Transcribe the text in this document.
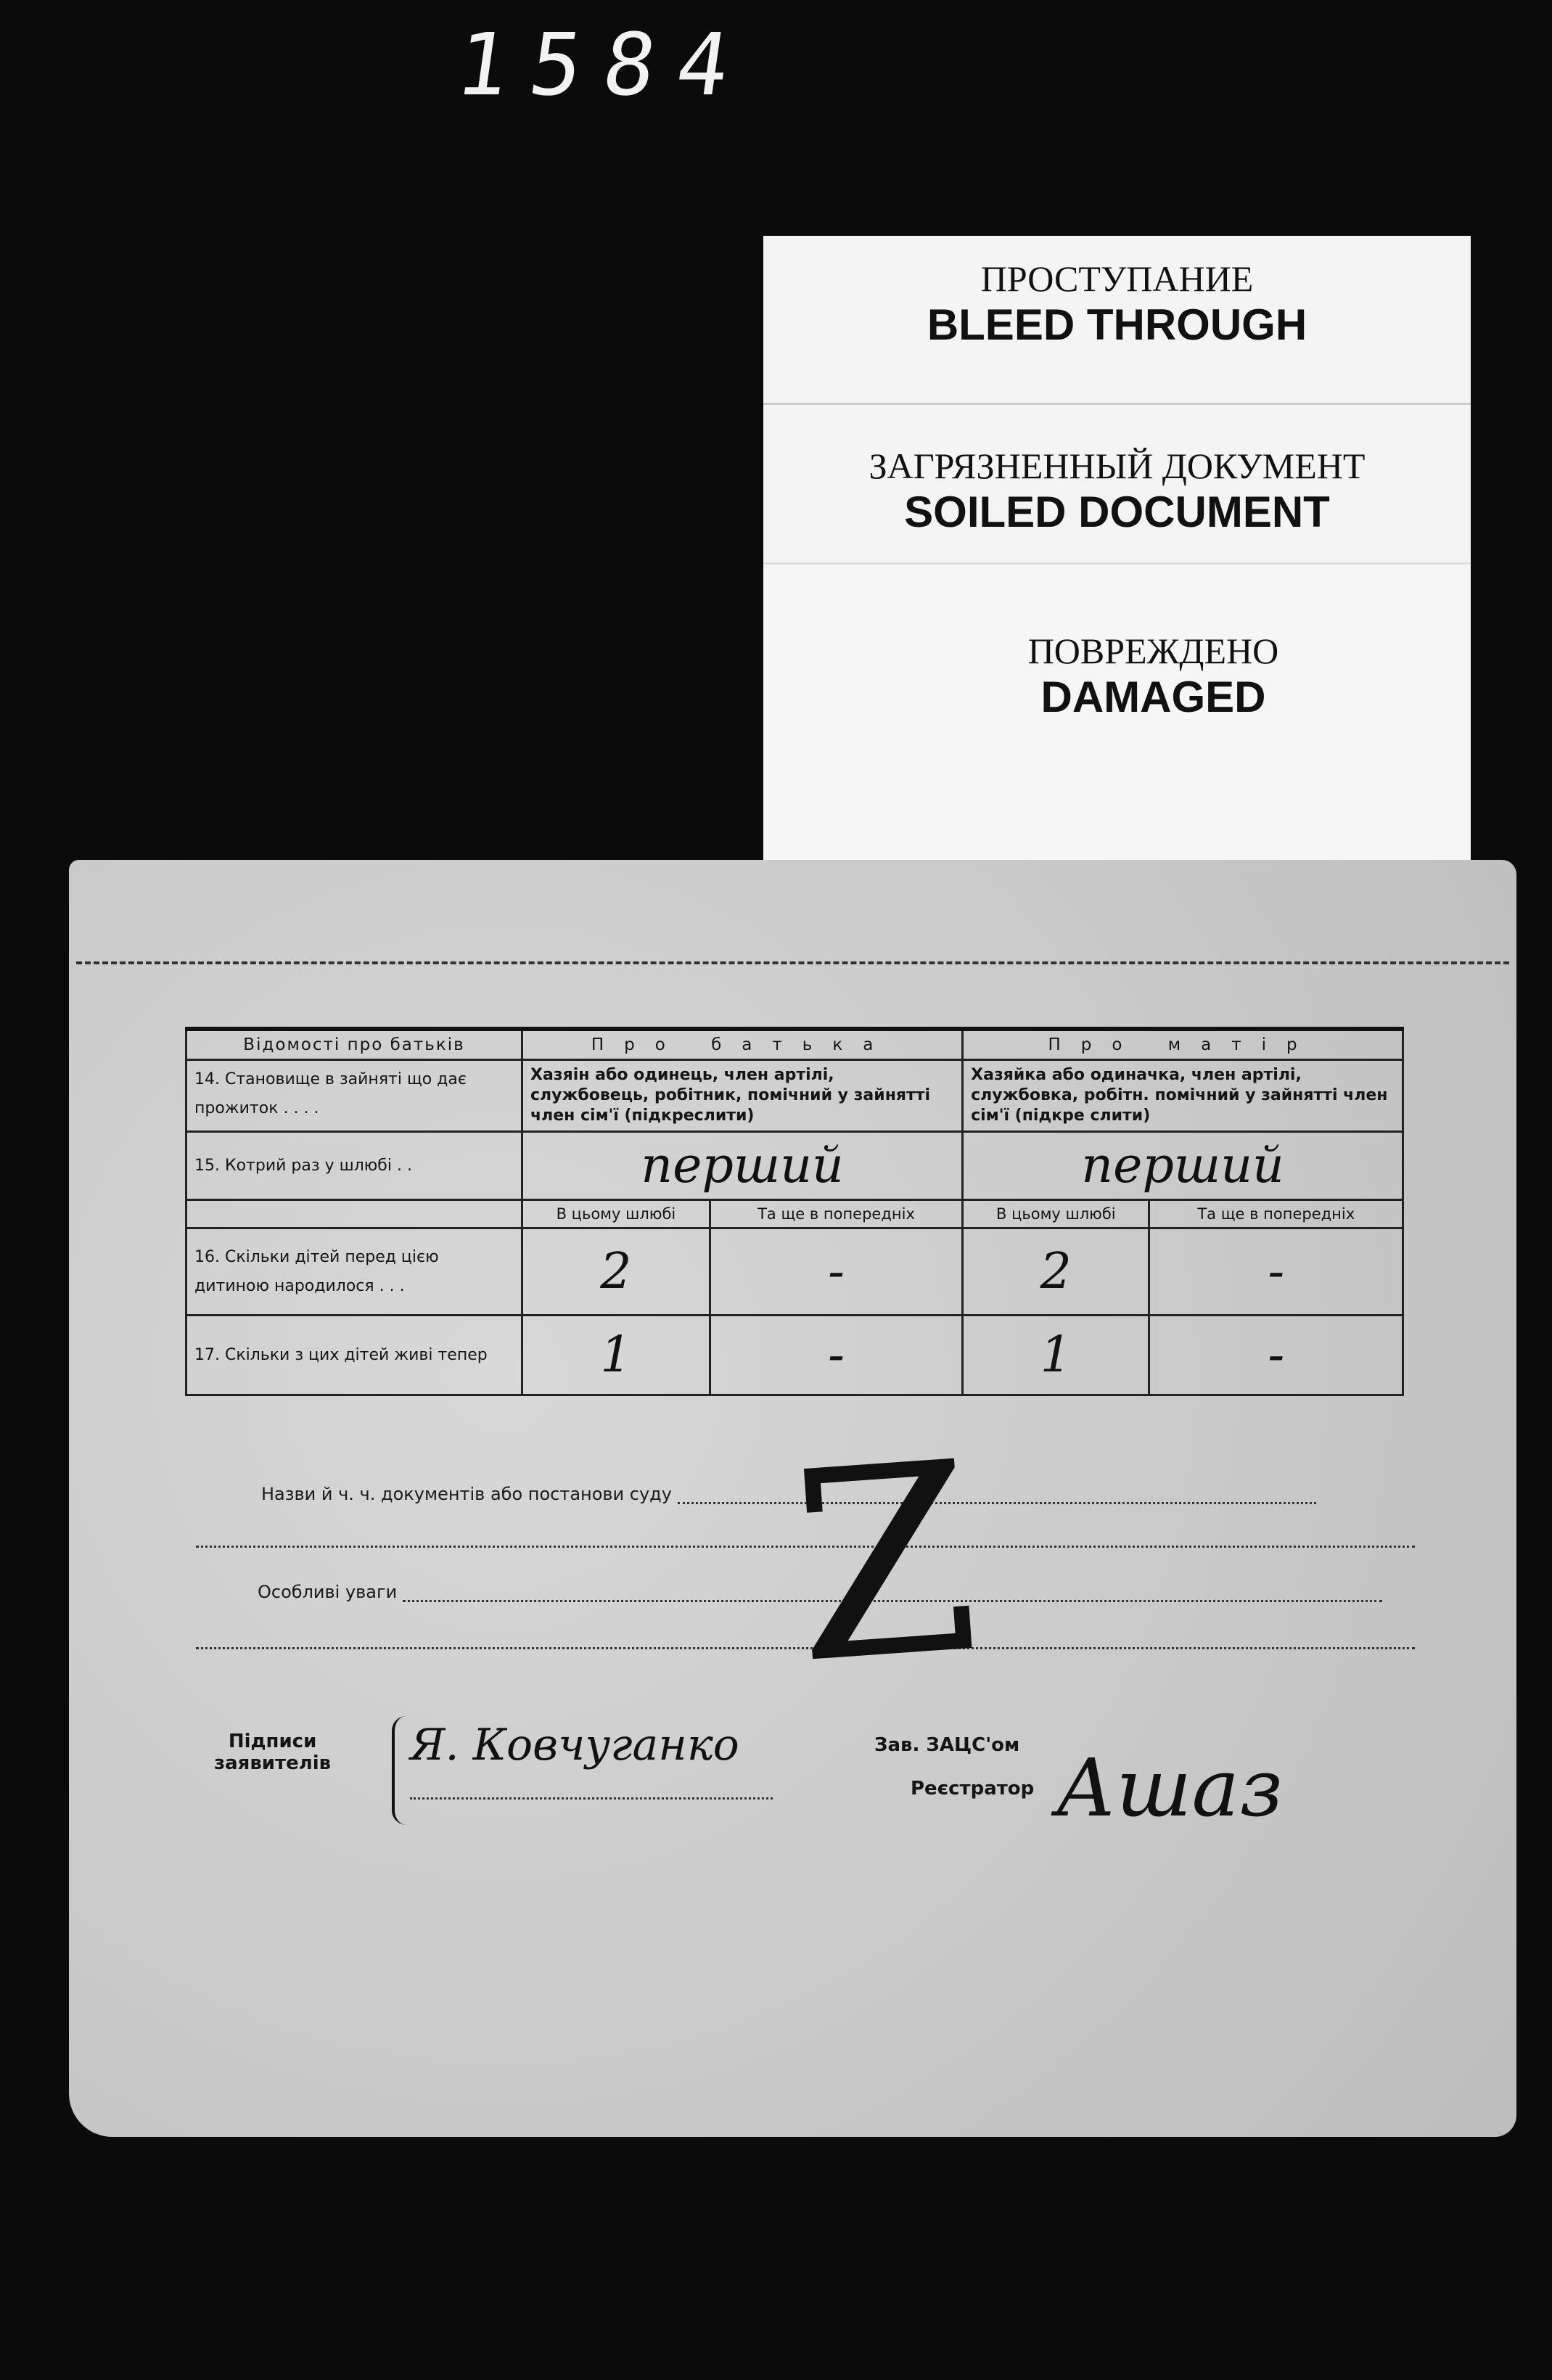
1584
ПРОСТУПАНИЕ
BLEED THROUGH
ЗАГРЯЗНЕННЫЙ ДОКУМЕНТ
SOILED DOCUMENT
ПОВРЕЖДЕНО
DAMAGED
Відомості про батьків	Про батька		Про матір	
14. Становище в зайняті що дає прожиток . . . .	Хазяін або одинець, член артілі, службовець, робітник, помічний у зайнятті член сім'ї (підкреслити)		Хазяйка або одиначка, член артілі, службовка, робітн. помічний у зайнятті член сім'ї (підкре слити)	
15. Котрий раз у шлюбі . .	перший		перший	
	В цьому шлюбі	Та ще в попередніх	В цьому шлюбі	Та ще в попередніх
16. Скільки дітей перед цією дитиною народилося . . .	2	-	2	-
17. Скільки з цих дітей живі тепер	1	-	1	-
Назви й ч. ч. документів або постанови суду
Особливі уваги	Z
Підписи
заявителів Я. Ковчуганко	Зав. ЗАЦС'ом
Реєстратор Ашаз
